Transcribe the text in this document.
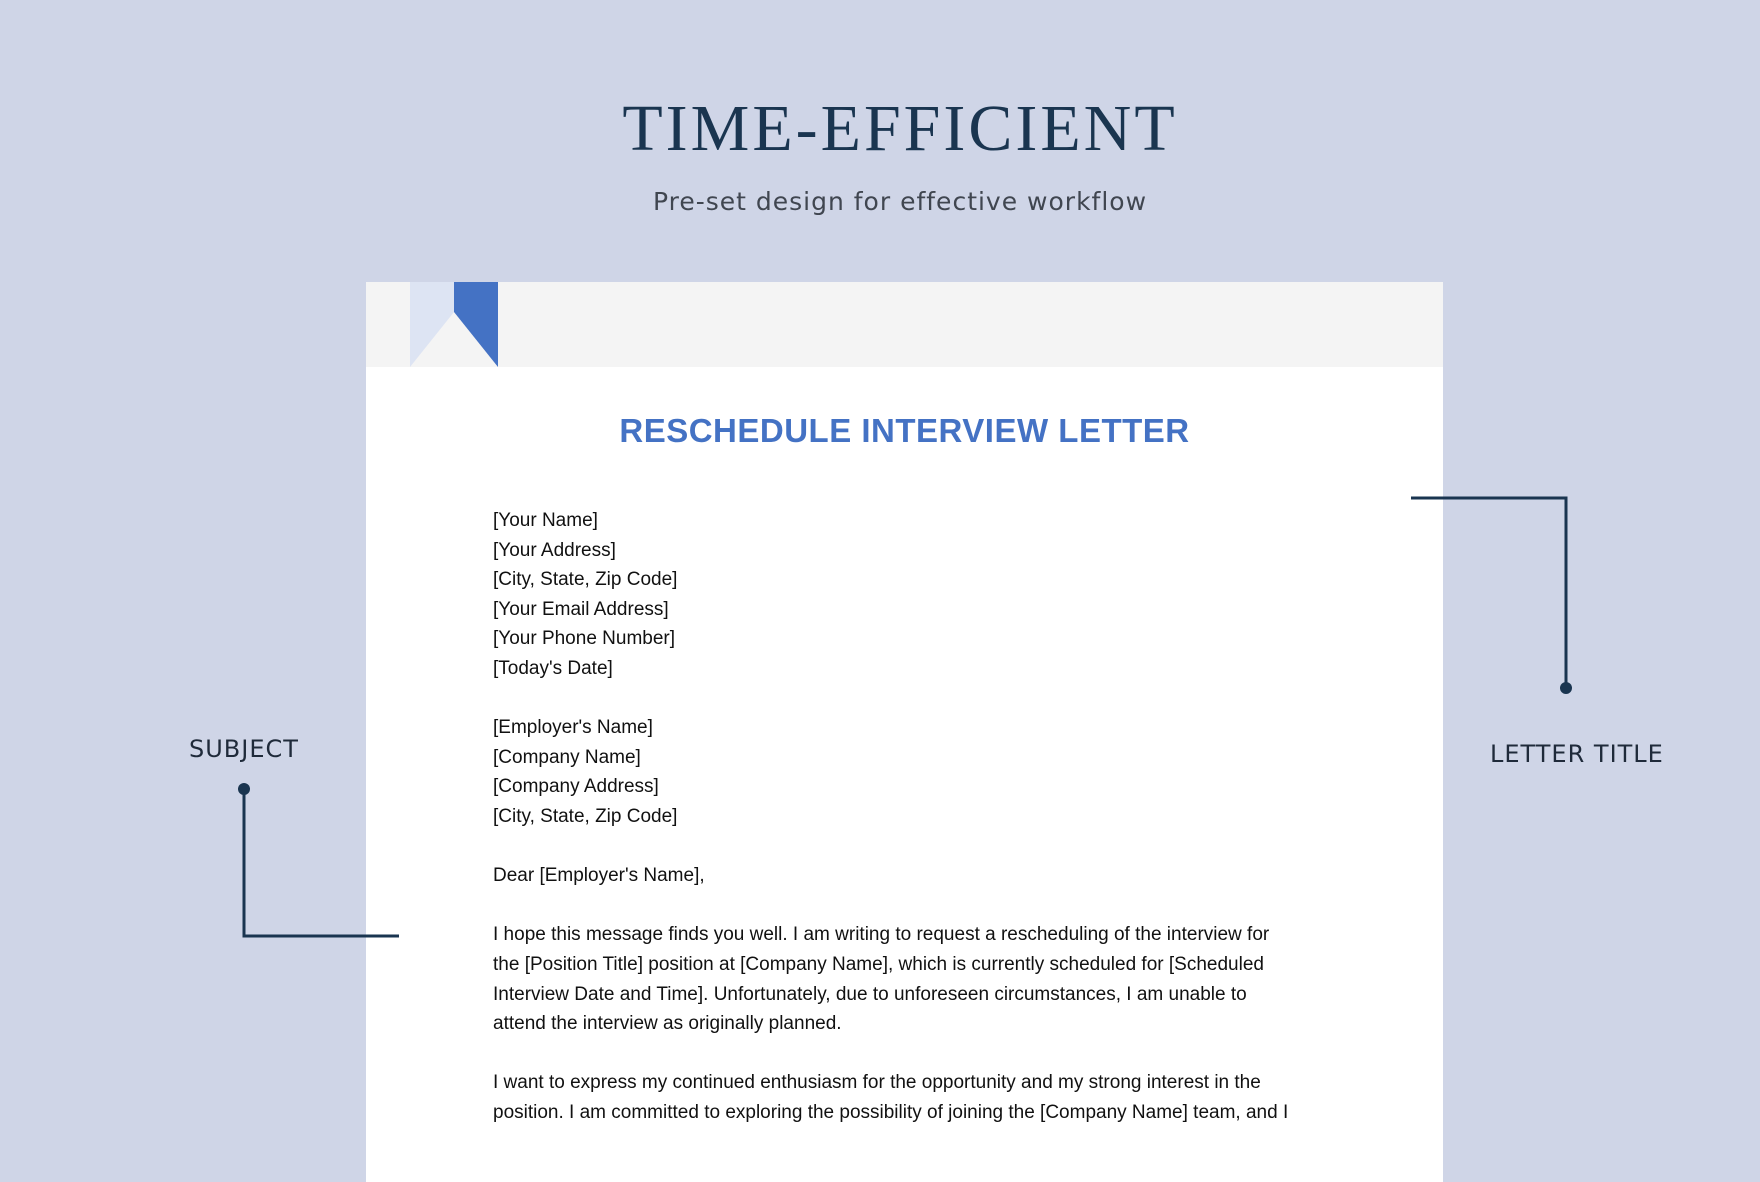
TIME-EFFICIENT
Pre-set design for effective workflow
RESCHEDULE INTERVIEW LETTER
[Your Name]
[Your Address]
[City, State, Zip Code]
[Your Email Address]
[Your Phone Number]
[Today's Date]
[Employer's Name]
[Company Name]
[Company Address]
[City, State, Zip Code]
Dear [Employer's Name],
I hope this message finds you well. I am writing to request a rescheduling of the interview for
the [Position Title] position at [Company Name], which is currently scheduled for [Scheduled
Interview Date and Time]. Unfortunately, due to unforeseen circumstances, I am unable to
attend the interview as originally planned.
I want to express my continued enthusiasm for the opportunity and my strong interest in the
position. I am committed to exploring the possibility of joining the [Company Name] team, and I
SUBJECT	LETTER TITLE
